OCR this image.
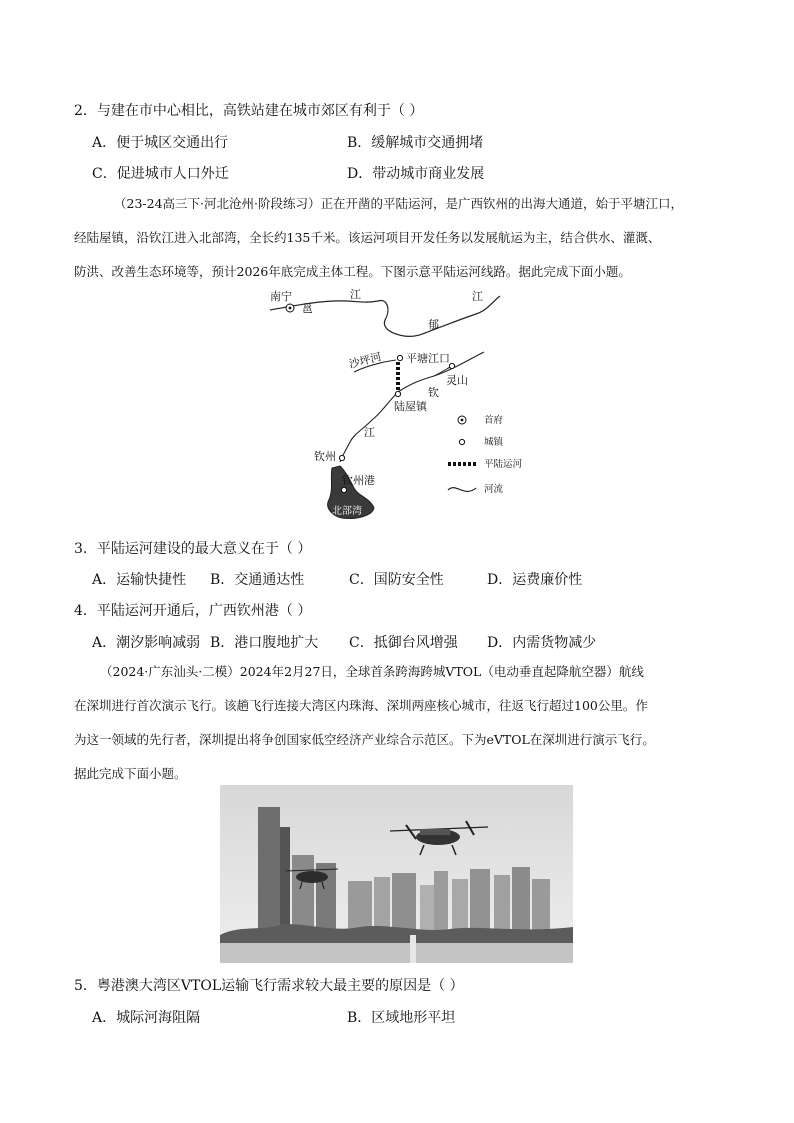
2．与建在市中心相比，高铁站建在城市郊区有利于（ ）
A．便于城区交通出行	B．缓解城市交通拥堵
C．促进城市人口外迁	D．带动城市商业发展
（23-24高三下·河北沧州·阶段练习）正在开凿的平陆运河，是广西钦州的出海大通道，始于平塘江口，
经陆屋镇，沿钦江进入北部湾，全长约135千米。该运河项目开发任务以发展航运为主，结合供水、灌溉、
防洪、改善生态环境等，预计2026年底完成主体工程。下图示意平陆运河线路。据此完成下面小题。
南宁
邕
江	江
郁
沙坪河 平塘江口
钦
灵山
陆屋镇
江
钦州
钦州港
北部湾
首府
城镇
平陆运河
河流
3．平陆运河建设的最大意义在于（ ）
A．运输快捷性 B．交通通达性	C．国防安全性	D．运费廉价性
4．平陆运河开通后，广西钦州港（ ）
A．潮汐影响减弱 B．港口腹地扩大 C．抵御台风增强 D．内需货物减少
（2024·广东汕头·二模）2024年2月27日，全球首条跨海跨城VTOL（电动垂直起降航空器）航线
在深圳进行首次演示飞行。该趟飞行连接大湾区内珠海、深圳两座核心城市，往返飞行超过100公里。作
为这一领域的先行者，深圳提出将争创国家低空经济产业综合示范区。下为eVTOL在深圳进行演示飞行。
据此完成下面小题。
5．粤港澳大湾区VTOL运输飞行需求较大最主要的原因是（ ）
A．城际河海阻隔	B．区域地形平坦
